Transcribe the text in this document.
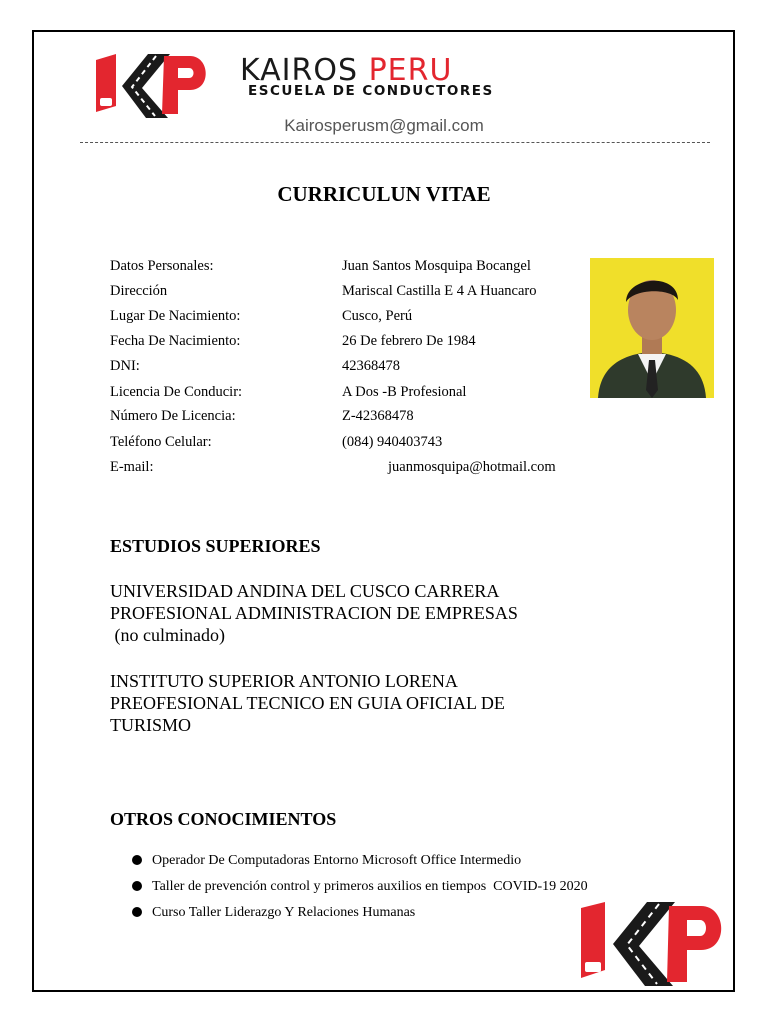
KAIROS PERU
ESCUELA DE CONDUCTORES
Kairosperusm@gmail.com
CURRICULUN VITAE
Datos Personales:	Juan Santos Mosquipa Bocangel
Dirección	Mariscal Castilla E 4 A Huancaro
Lugar De Nacimiento:	Cusco, Perú
Fecha De Nacimiento:	26 De febrero De 1984
DNI:	42368478
Licencia De Conducir:	A Dos -B Profesional
Número De Licencia:	Z-42368478
Teléfono Celular:	(084) 940403743
E-mail:	juanmosquipa@hotmail.com
ESTUDIOS SUPERIORES
UNIVERSIDAD ANDINA DEL CUSCO CARRERA
PROFESIONAL ADMINISTRACION DE EMPRESAS
(no culminado)
INSTITUTO SUPERIOR ANTONIO LORENA
PREOFESIONAL TECNICO EN GUIA OFICIAL DE
TURISMO
OTROS CONOCIMIENTOS
Operador De Computadoras Entorno Microsoft Office Intermedio
Taller de prevención control y primeros auxilios en tiempos  COVID-19 2020
Curso Taller Liderazgo Y Relaciones Humanas
